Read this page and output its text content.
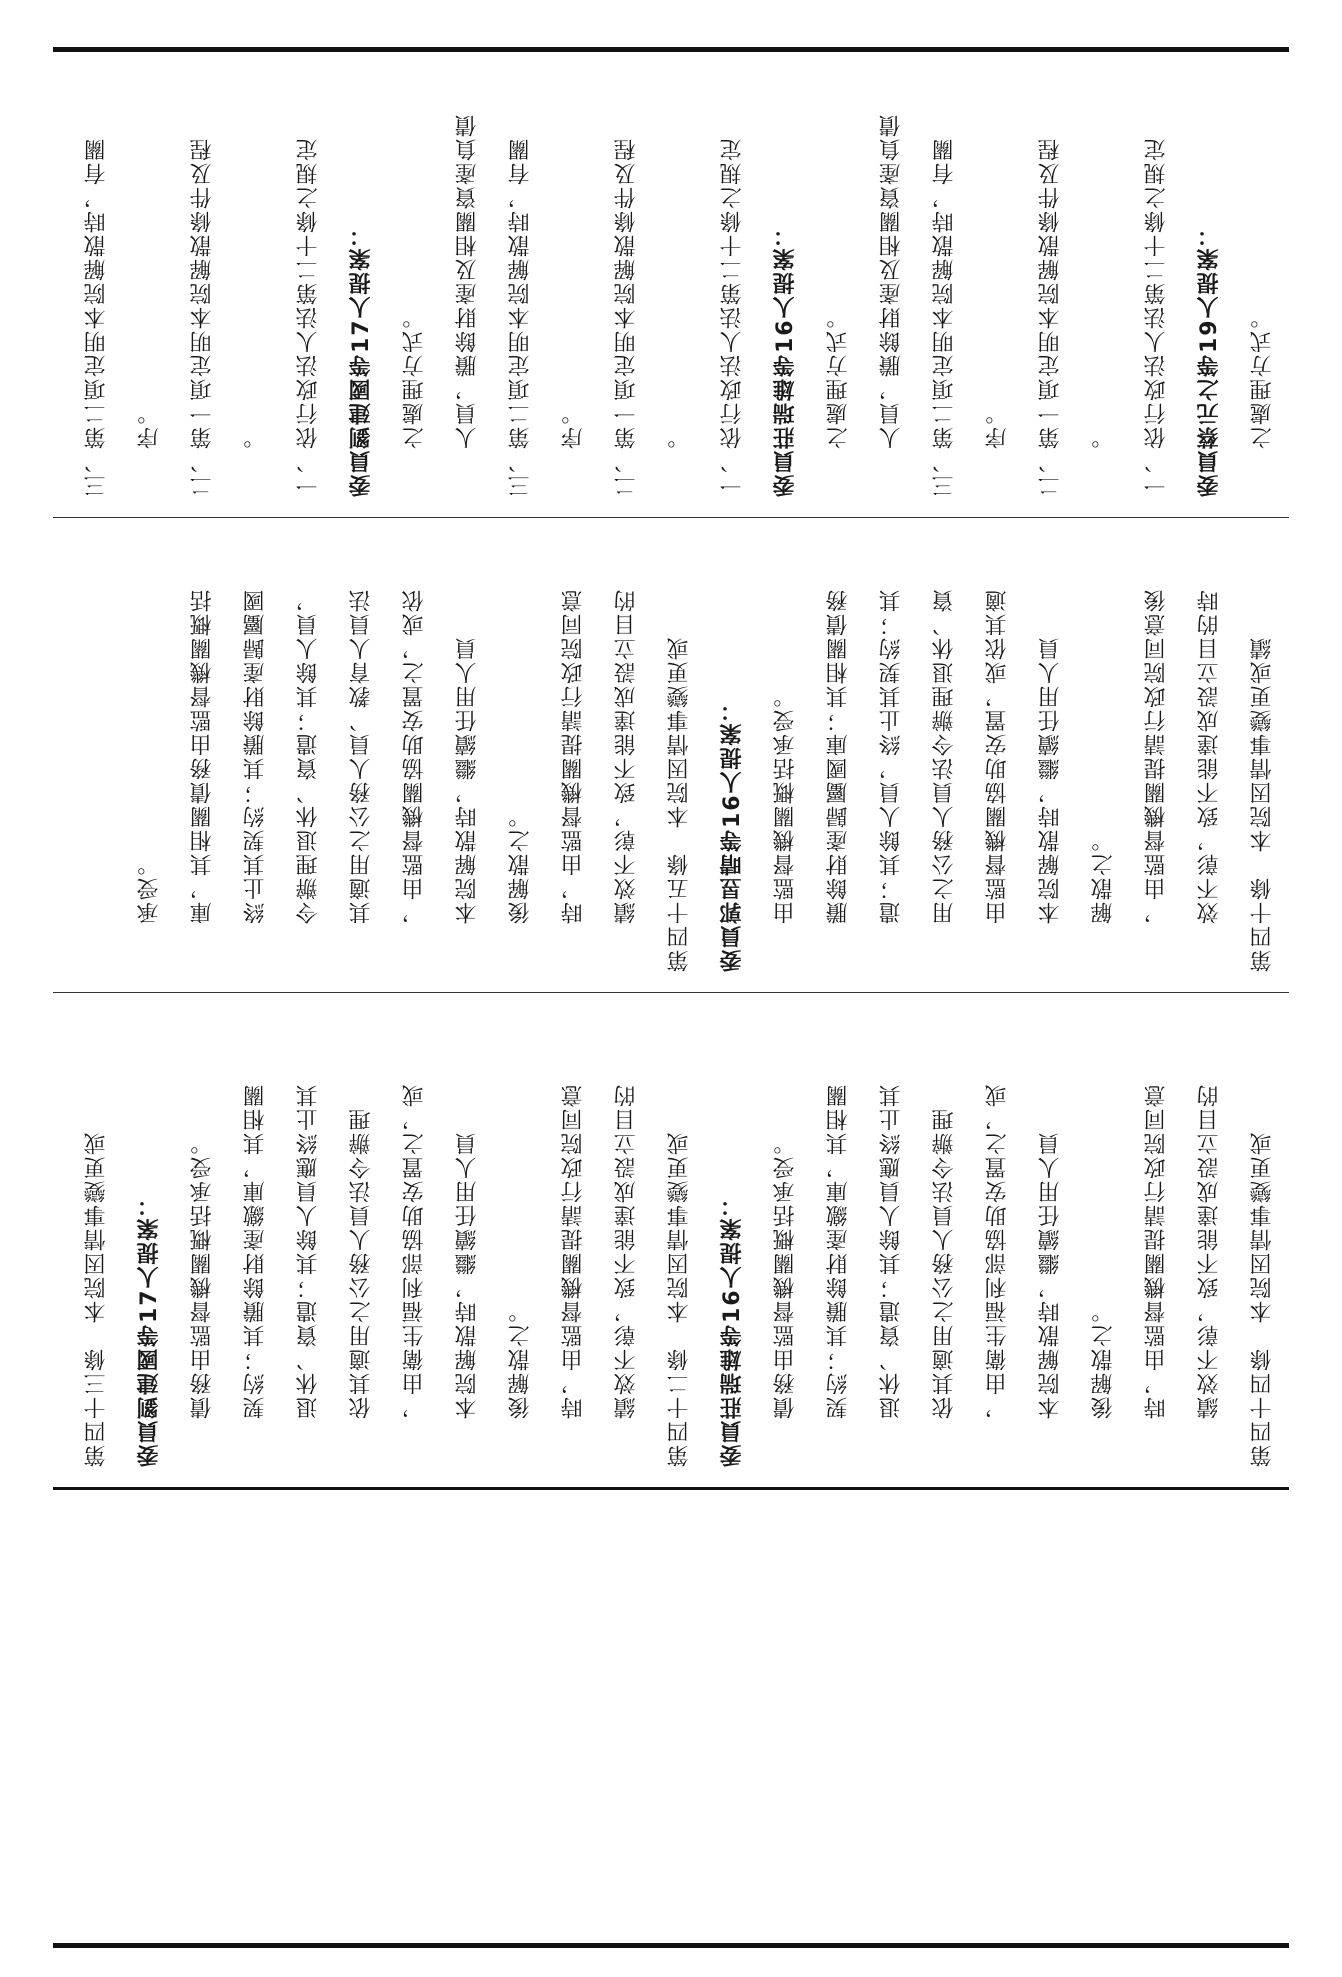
之處理方式。
委員蔡元之等19人提案：
一、依行政法人法第二十條之規定
。
二、第一項定明本院解散條件及程
序。
三、第二項定明本院解散時，有關
人員，賸餘財產及相關資產負債
之處理方式。
委員莊瑞雄等16人提案：
一、依行政法人法第二十條之規定
。
二、第一項定明本院解散條件及程
序。
三、第二項定明本院解散時，有關
人員，賸餘財產及相關資產負債
之處理方式。
委員劉建國等17人提案：
一、依行政法人法第二十條之規定
。
二、第一項定明本院解散條件及程
序。
三、第二項定明本院解散時，有關
第四十條　本院因情事變更或績
效不彰，致不能達成設立目的時
，由監督機關提請行政院同意後
解散之。
本院解散時，繼續任用人員
由監督機關協助安置，或依其適
用之公務人員法令辦理退休、資
遣；其餘人員，終止其契約；其
賸餘財產歸屬國庫；其相關債務
由監督機關概括承受。
委員郭昱晴等16人提案：
第四十五條　本院因情事變更或
績效不彰，致不能達成設立目的
時，由監督機關提請行政院同意
後解散之。
本院解散時，繼續任用人員
，由監督機關協助安置之，或依
其適用之公務人員、教育人員法
令辦理退休、資遣；其餘人員，
終止其契約；其賸餘財產歸屬國
庫，其相關債務由監督機關概括
承受。
第四十四條　本院因情事變更或
績效不彰，致不能達成設立目的
時，由監督機關提請行政院同意
後解散之。
本院解散時，繼續任用人員
，由衛生福利部協助安置之，或
依其適用之公務人員法令辦理
退休、資遣；其餘人員應終止其
契約；其賸餘財產繳庫，其相關
債務由監督機關概括承受。
委員莊瑞雄等16人提案：
第四十二條　本院因情事變更或
績效不彰，致不能達成設立目的
時，由監督機關提請行政院同意
後解散之。
本院解散時，繼續任用人員
，由衛生福利部協助安置之，或
依其適用之公務人員法令辦理
退休、資遣；其餘人員應終止其
契約；其賸餘財產繳庫，其相關
債務由監督機關概括承受。
委員劉建國等17人提案：
第四十三條　本院因情事變更或
